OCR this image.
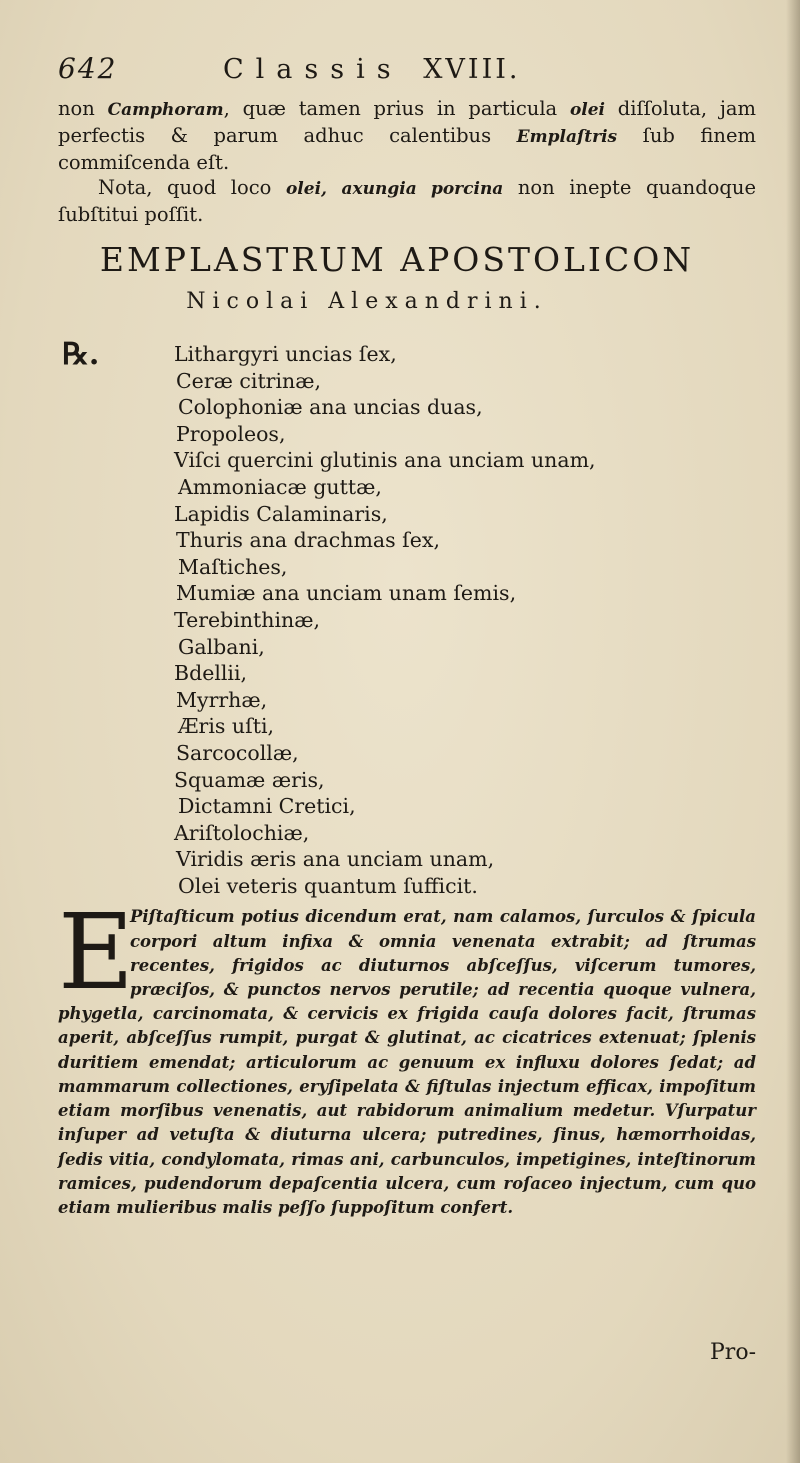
642	Classis XVIII.

non Camphoram, quæ tamen prius in particula olei diſſoluta, jam perfectis & parum adhuc calentibus Emplaſtris ſub finem commiſcenda eſt.

Nota, quod loco olei, axungia porcina non inepte quandoque ſubſtitui poſſit.

EMPLASTRUM APOSTOLICON
Nicolai Alexandrini.
℞.	Lithargyri uncias ſex,
Ceræ citrinæ,
Colophoniæ ana uncias duas,
Propoleos,
Viſci quercini glutinis ana unciam unam,
Ammoniacæ guttæ,
Lapidis Calaminaris,
Thuris ana drachmas ſex,
Maſtiches,
Mumiæ ana unciam unam ſemis,
Terebinthinæ,
Galbani,
Bdellii,
Myrrhæ,
Æris uſti,
Sarcocollæ,
Squamæ æris,
Dictamni Cretici,
Ariſtolochiæ,
Viridis æris ana unciam unam,
Olei veteris quantum ſufficit.
E
Piſtaſticum potius dicendum erat, nam calamos, ſurculos & ſpicula corpori altum infixa & omnia venenata extrabit; ad ſtrumas recentes, frigidos ac diuturnos abſceſſus, viſcerum tumores, præciſos, & punctos nervos perutile; ad recentia quoque vulnera, phygetla, carcinomata, & cervicis ex frigida cauſa dolores facit, ſtrumas aperit, abſceſſus rumpit, purgat & glutinat, ac cicatrices extenuat; ſplenis duritiem emendat; articulorum ac genuum ex influxu dolores ſedat; ad mammarum collectiones, eryſipelata & fiſtulas injectum efficax, impoſitum etiam morſibus venenatis, aut rabidorum animalium medetur. Vſurpatur inſuper ad vetuſta & diuturna ulcera; putredines, ſinus, hæmorrhoidas, ſedis vitia, condylomata, rimas ani, carbunculos, impetigines, inteſtinorum ramices, pudendorum depaſcentia ulcera, cum roſaceo injectum, cum quo etiam mulieribus malis peſſo ſuppoſitum confert.
Pro-
